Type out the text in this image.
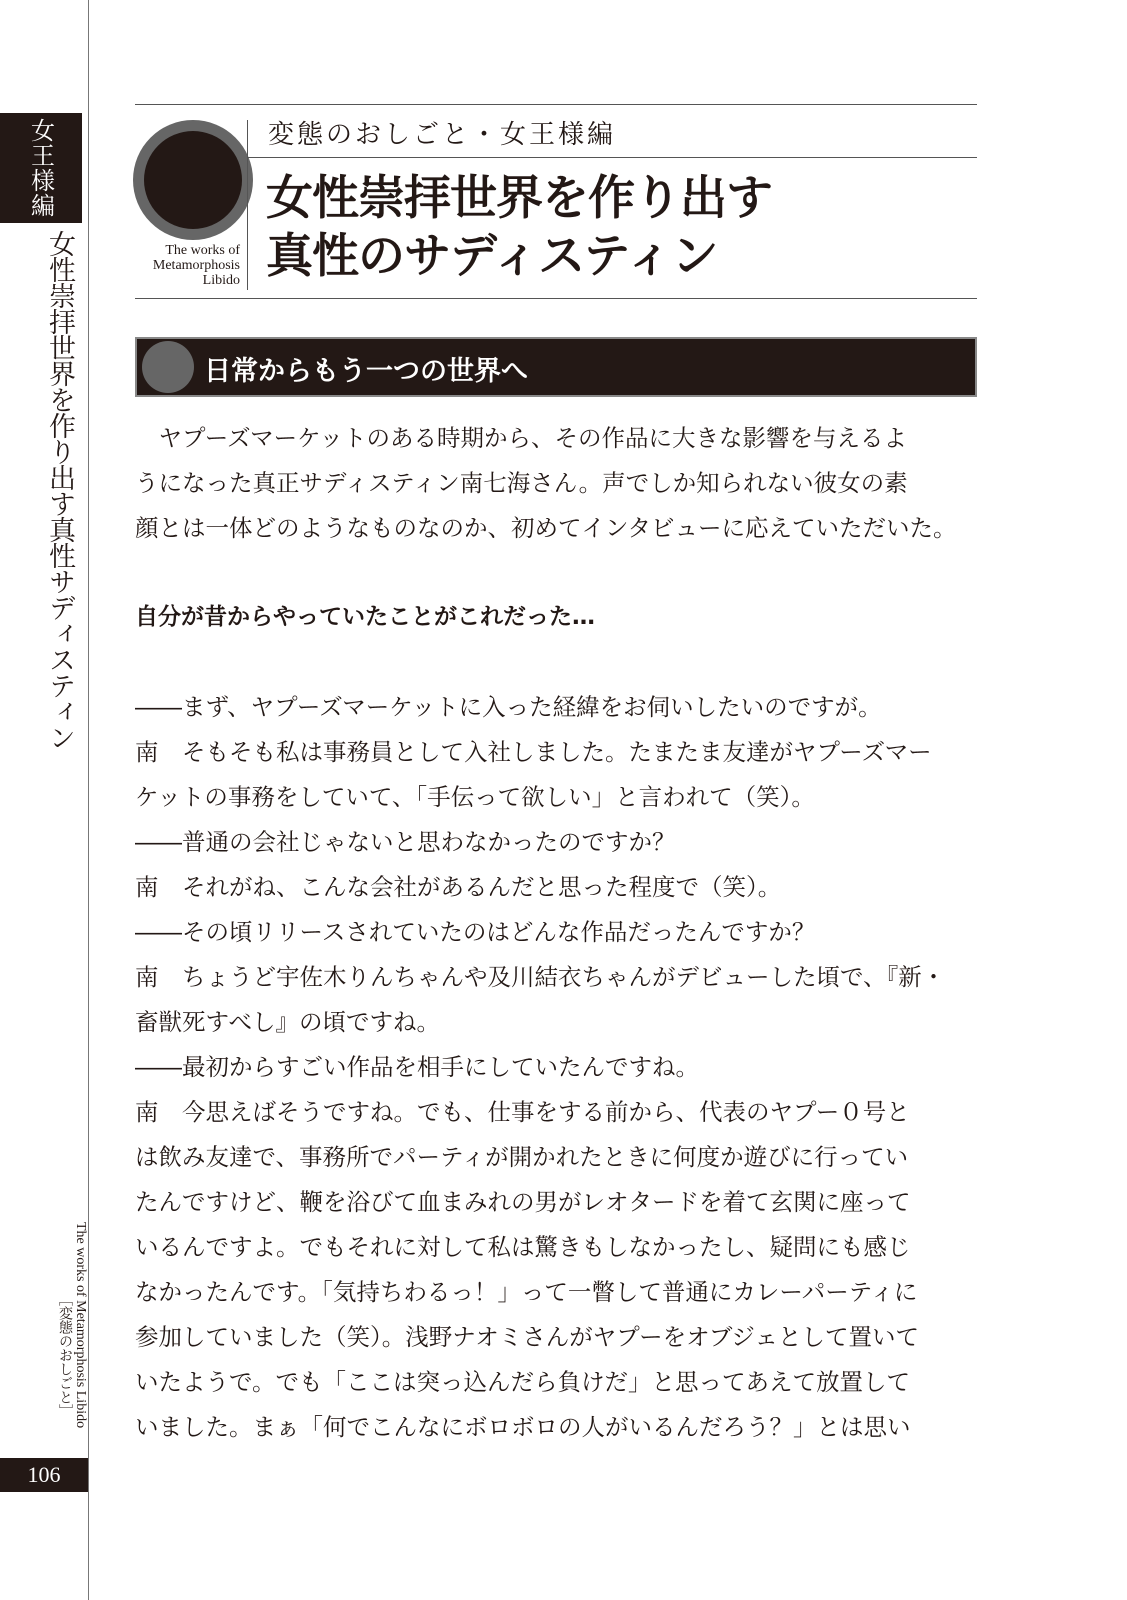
女王様編
女性崇拝世界を作り出す真性サディスティン
The works of Metamorphosis Libido
［変態のおしごと］
106
The works of Metamorphosis Libido
変態のおしごと・女王様編
女性崇拝世界を作り出す
真性のサディスティン
日常からもう一つの世界へ
　ヤプーズマーケットのある時期から、その作品に大きな影響を与えるよ
うになった真正サディスティン南七海さん。声でしか知られない彼女の素
顔とは一体どのようなものなのか、初めてインタビューに応えていただいた。
自分が昔からやっていたことがこれだった…
――まず、ヤプーズマーケットに入った経緯をお伺いしたいのですが。
南　そもそも私は事務員として入社しました。たまたま友達がヤプーズマー
ケットの事務をしていて、「手伝って欲しい」と言われて（笑）。
――普通の会社じゃないと思わなかったのですか？
南　それがね、こんな会社があるんだと思った程度で（笑）。
――その頃リリースされていたのはどんな作品だったんですか？
南　ちょうど宇佐木りんちゃんや及川結衣ちゃんがデビューした頃で、『新・
畜獣死すべし』の頃ですね。
――最初からすごい作品を相手にしていたんですね。
南　今思えばそうですね。でも、仕事をする前から、代表のヤプー０号と
は飲み友達で、事務所でパーティが開かれたときに何度か遊びに行ってい
たんですけど、鞭を浴びて血まみれの男がレオタードを着て玄関に座って
いるんですよ。でもそれに対して私は驚きもしなかったし、疑問にも感じ
なかったんです。「気持ちわるっ！」って一瞥して普通にカレーパーティに
参加していました（笑）。浅野ナオミさんがヤプーをオブジェとして置いて
いたようで。でも「ここは突っ込んだら負けだ」と思ってあえて放置して
いました。まぁ「何でこんなにボロボロの人がいるんだろう？」とは思い
